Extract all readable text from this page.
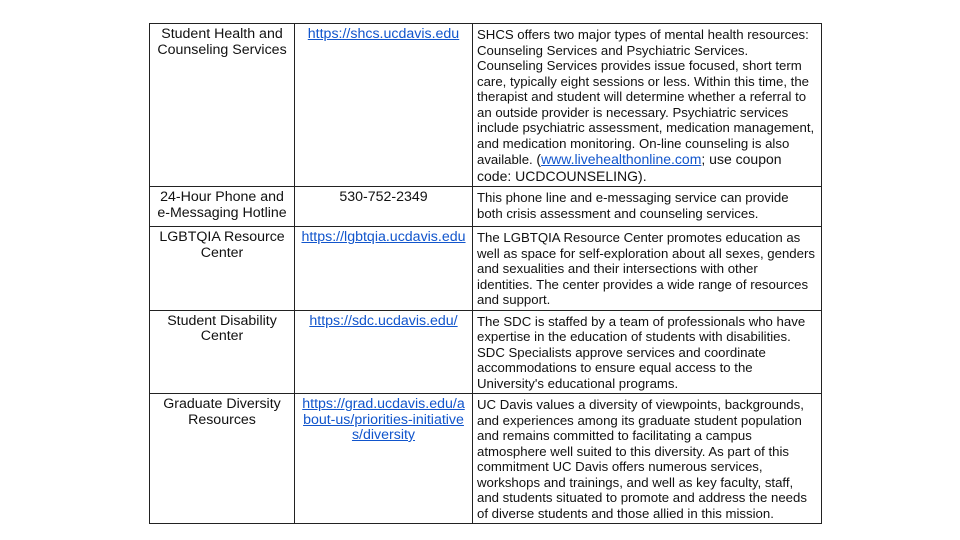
Student Health and Counseling Services	https://shcs.ucdavis.edu	SHCS offers two major types of mental health resources: Counseling Services and Psychiatric Services. Counseling Services provides issue focused, short term care, typically eight sessions or less. Within this time, the therapist and student will determine whether a referral to an outside provider is necessary. Psychiatric services include psychiatric assessment, medication management, and medication monitoring. On-line counseling is also available. (www.livehealthonline.com; use coupon code: UCDCOUNSELING).
24-Hour Phone and e-Messaging Hotline	530-752-2349	This phone line and e-messaging service can provide both crisis assessment and counseling services.
LGBTQIA Resource Center	https://lgbtqia.ucdavis.edu	The LGBTQIA Resource Center promotes education as well as space for self-exploration about all sexes, genders and sexualities and their intersections with other identities. The center provides a wide range of resources and support.
Student Disability Center	https://sdc.ucdavis.edu/	The SDC is staffed by a team of professionals who have expertise in the education of students with disabilities. SDC Specialists approve services and coordinate accommodations to ensure equal access to the University's educational programs.
Graduate Diversity Resources	https://grad.ucdavis.edu/about-us/priorities-initiatives/diversity	UC Davis values a diversity of viewpoints, backgrounds, and experiences among its graduate student population and remains committed to facilitating a campus atmosphere well suited to this diversity. As part of this commitment UC Davis offers numerous services, workshops and trainings, and well as key faculty, staff, and students situated to promote and address the needs of diverse students and those allied in this mission.
